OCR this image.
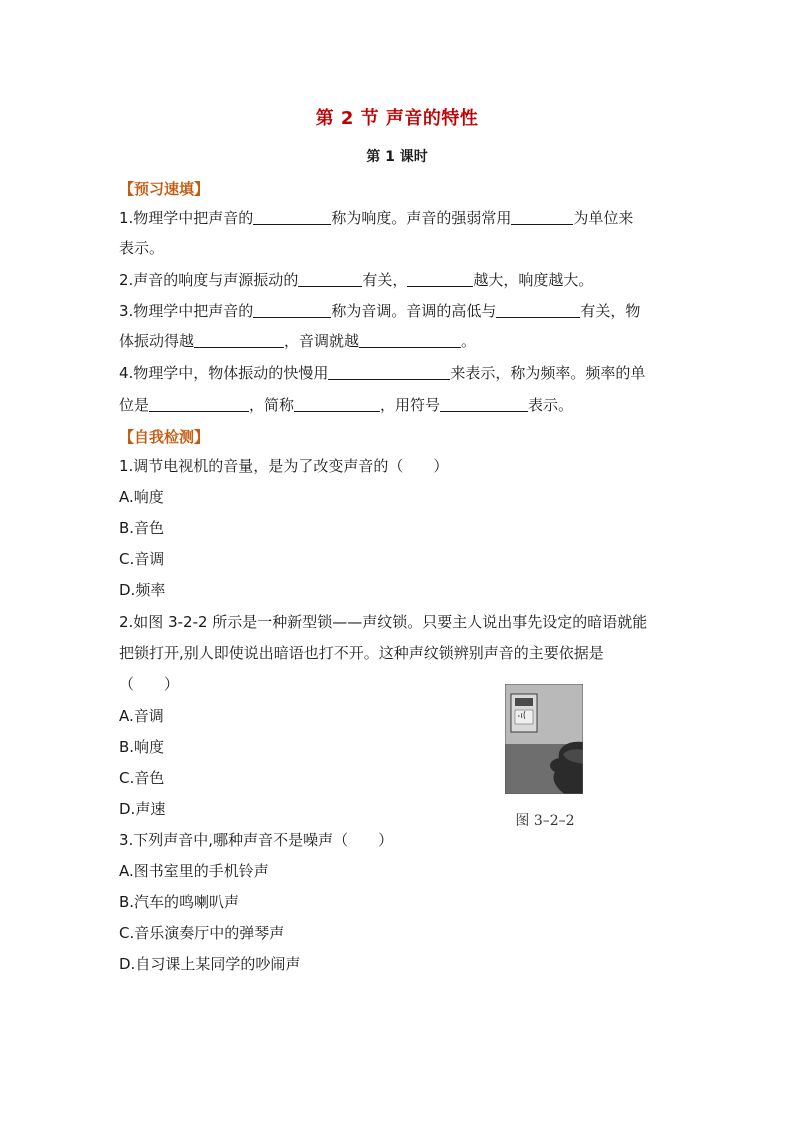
第 2 节 声音的特性
第 1 课时
【预习速填】
1.物理学中把声音的	称为响度。声音的强弱常用	为单位来
表示。
2.声音的响度与声源振动的	有关，	越大，响度越大。
3.物理学中把声音的	称为音调。音调的高低与	有关，物
体振动得越	，音调就越	。
4.物理学中，物体振动的快慢用	来表示，称为频率。频率的单
位是	，简称	，用符号	表示。
【自我检测】
1.调节电视机的音量，是为了改变声音的（　　）
A.响度
B.音色
C.音调
D.频率
2.如图 3-2-2 所示是一种新型锁——声纹锁。只要主人说出事先设定的暗语就能
把锁打开,别人即使说出暗语也打不开。这种声纹锁辨别声音的主要依据是
（　　）
A.音调
B.响度
C.音色
D.声速
图 3–2–2
3.下列声音中,哪种声音不是噪声（　　）
A.图书室里的手机铃声
B.汽车的鸣喇叭声
C.音乐演奏厅中的弹琴声
D.自习课上某同学的吵闹声
